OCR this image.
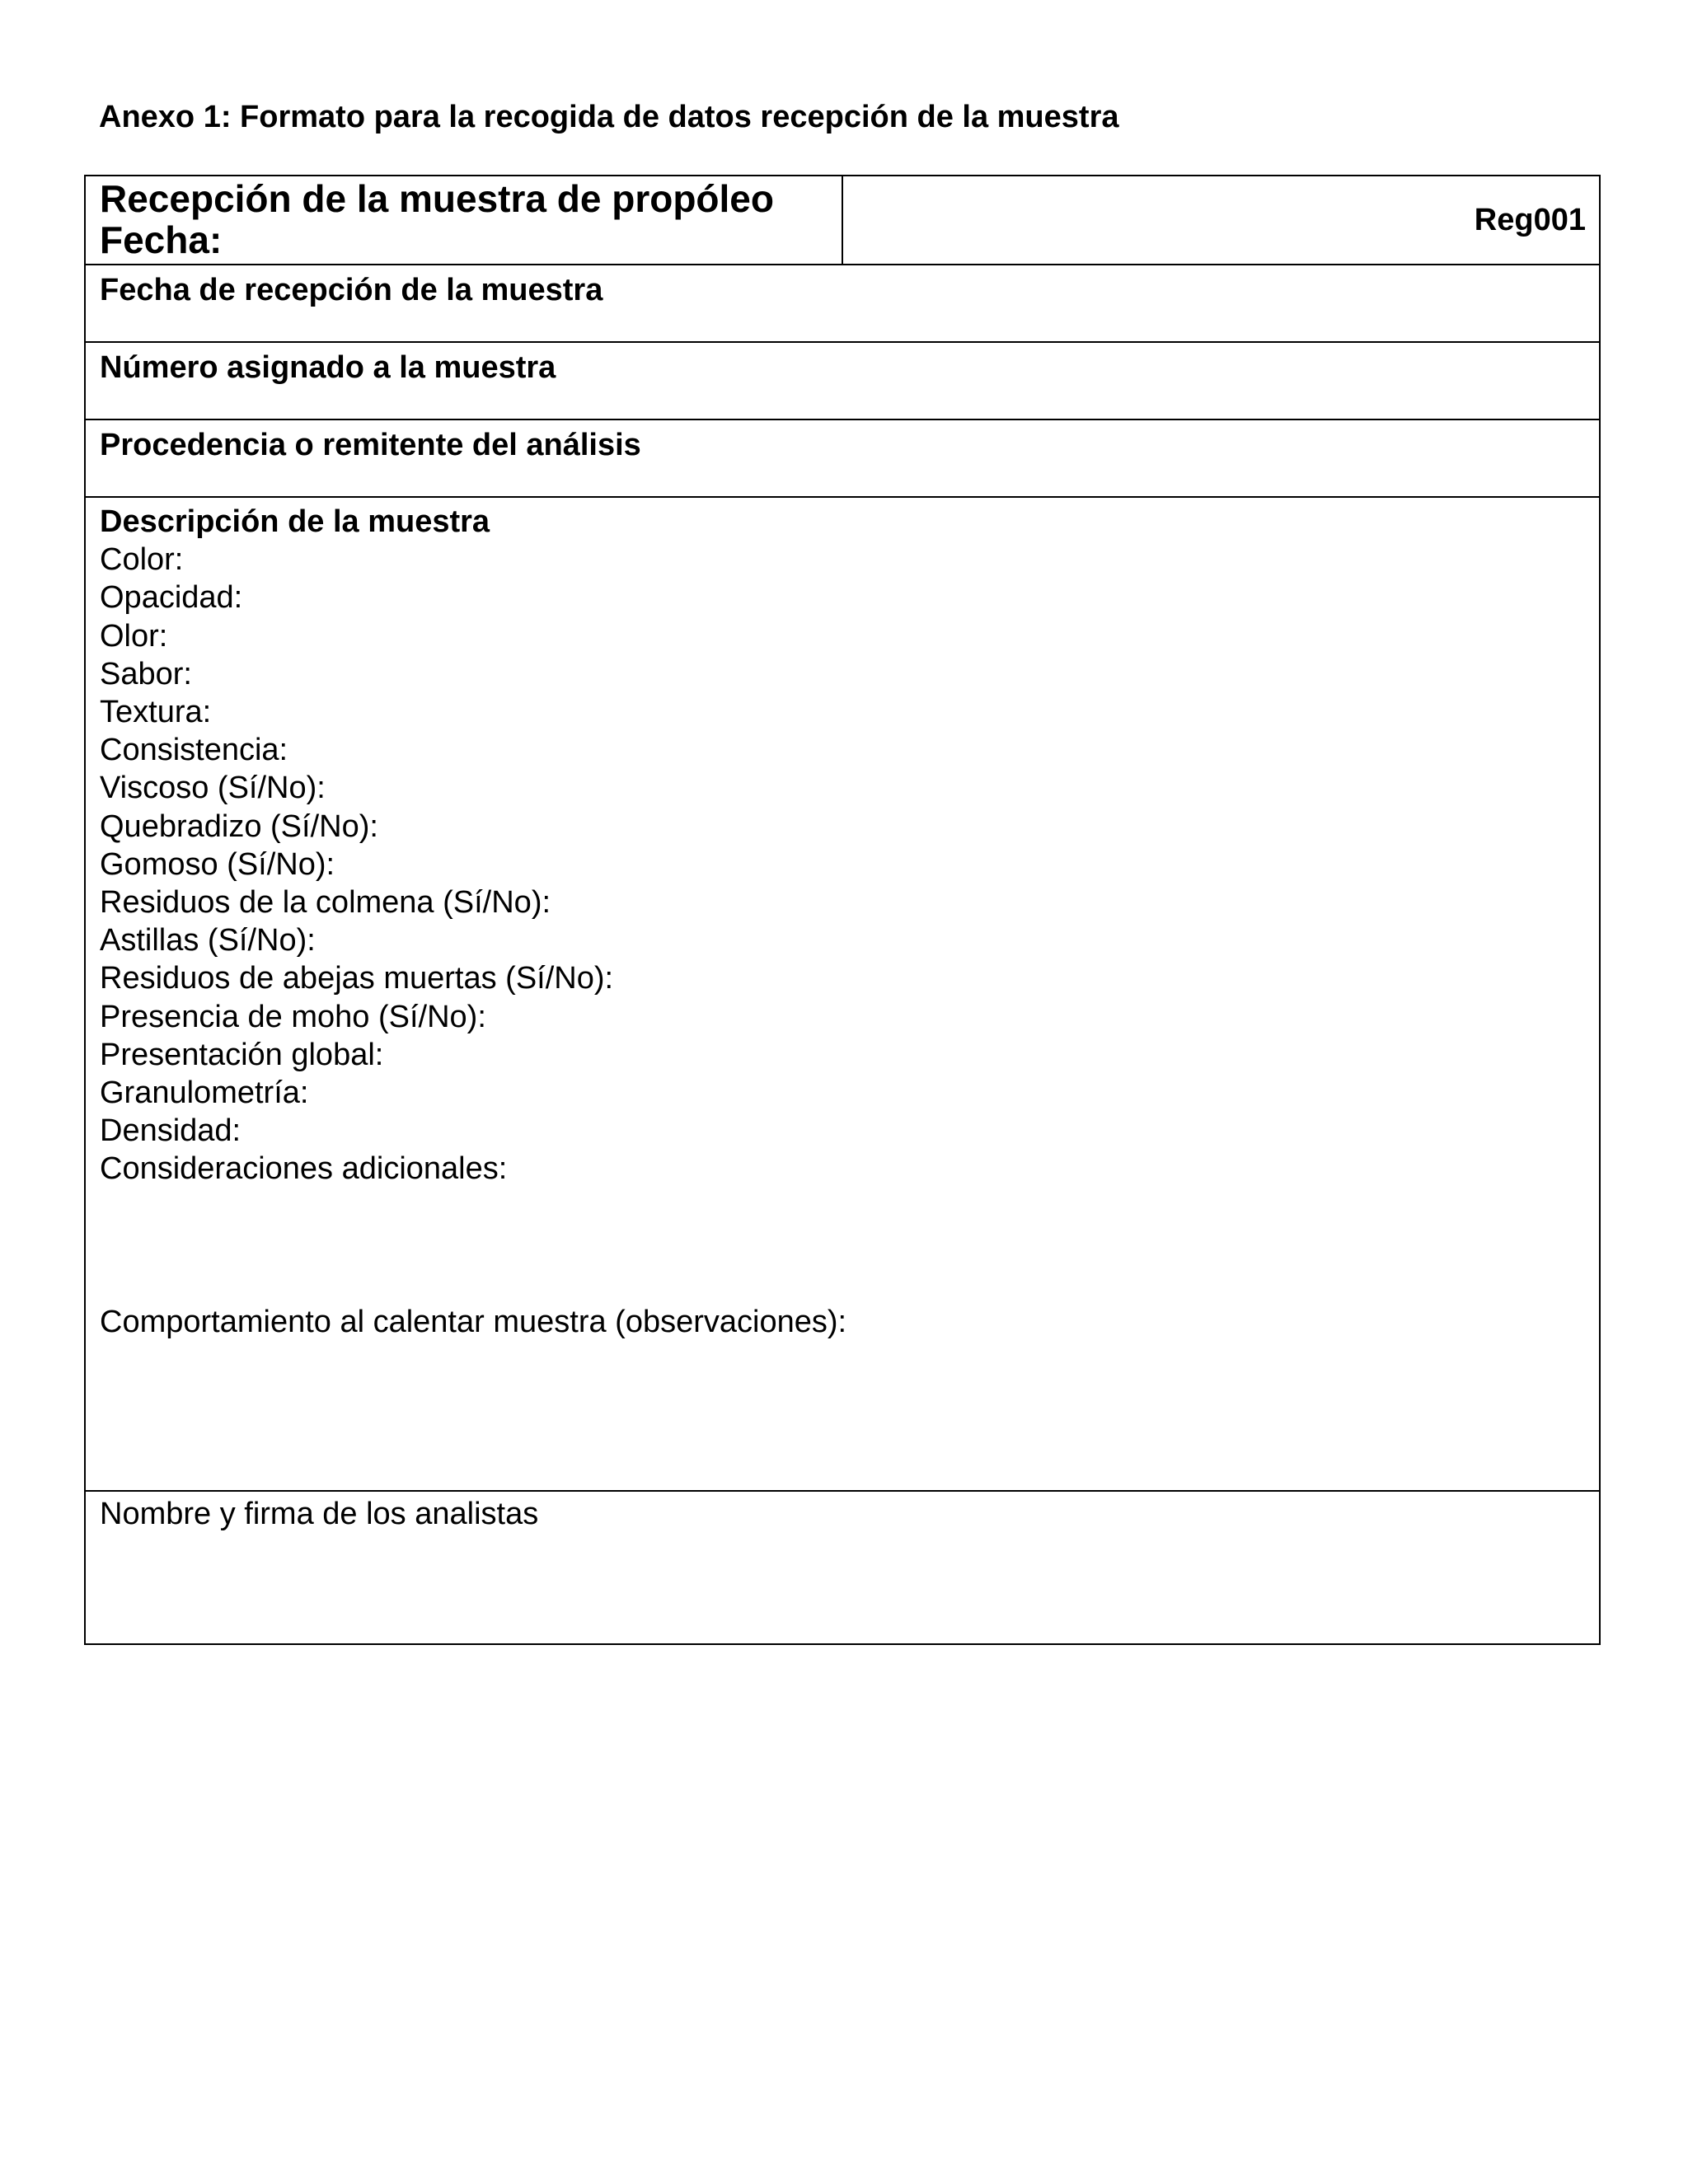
Anexo 1: Formato para la recogida de datos recepción de la muestra
Recepción de la muestra de propóleo
Fecha:	Reg001
Fecha de recepción de la muestra
Número asignado a la muestra
Procedencia o remitente del análisis
Descripción de la muestra
Color:
Opacidad:
Olor:
Sabor:
Textura:
Consistencia:
Viscoso (Sí/No):
Quebradizo (Sí/No):
Gomoso (Sí/No):
Residuos de la colmena (Sí/No):
Astillas (Sí/No):
Residuos de abejas muertas (Sí/No):
Presencia de moho (Sí/No):
Presentación global:
Granulometría:
Densidad:
Consideraciones adicionales:
Comportamiento al calentar muestra (observaciones):
Nombre y firma de los analistas
